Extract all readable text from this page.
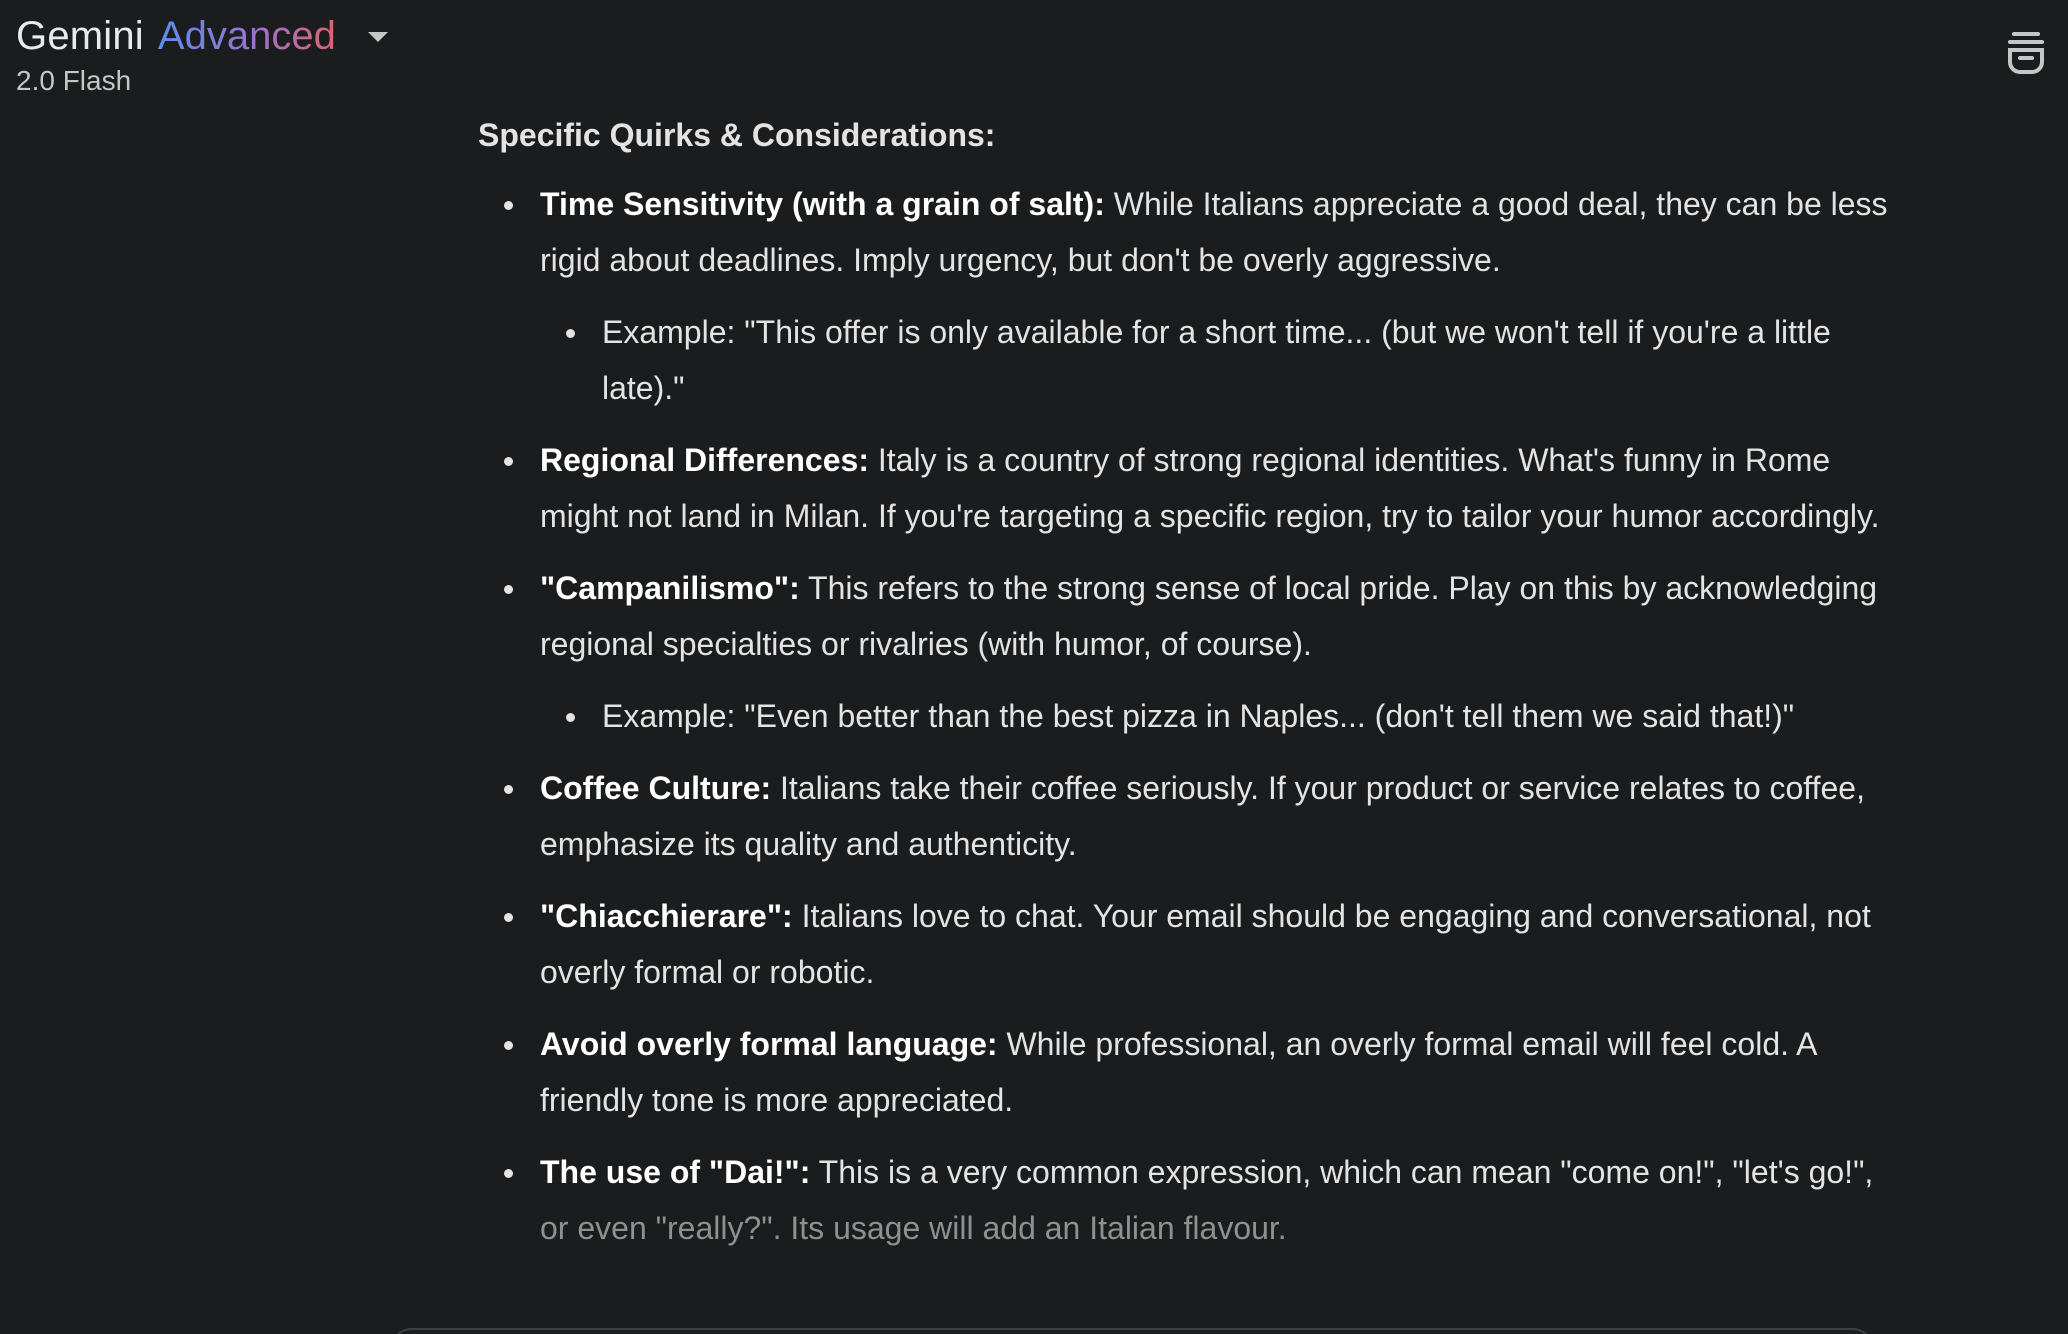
Gemini Advanced
2.0 Flash
Specific Quirks & Considerations:
Time Sensitivity (with a grain of salt): While Italians appreciate a good deal, they can be less rigid about deadlines. Imply urgency, but don't be overly aggressive.
Example: "This offer is only available for a short time... (but we won't tell if you're a little late)."
Regional Differences: Italy is a country of strong regional identities. What's funny in Rome might not land in Milan. If you're targeting a specific region, try to tailor your humor accordingly.
"Campanilismo": This refers to the strong sense of local pride. Play on this by acknowledging regional specialties or rivalries (with humor, of course).
Example: "Even better than the best pizza in Naples... (don't tell them we said that!)"
Coffee Culture: Italians take their coffee seriously. If your product or service relates to coffee, emphasize its quality and authenticity.
"Chiacchierare": Italians love to chat. Your email should be engaging and conversational, not overly formal or robotic.
Avoid overly formal language: While professional, an overly formal email will feel cold. A friendly tone is more appreciated.
The use of "Dai!": This is a very common expression, which can mean "come on!", "let's go!", or even "really?". Its usage will add an Italian flavour.
